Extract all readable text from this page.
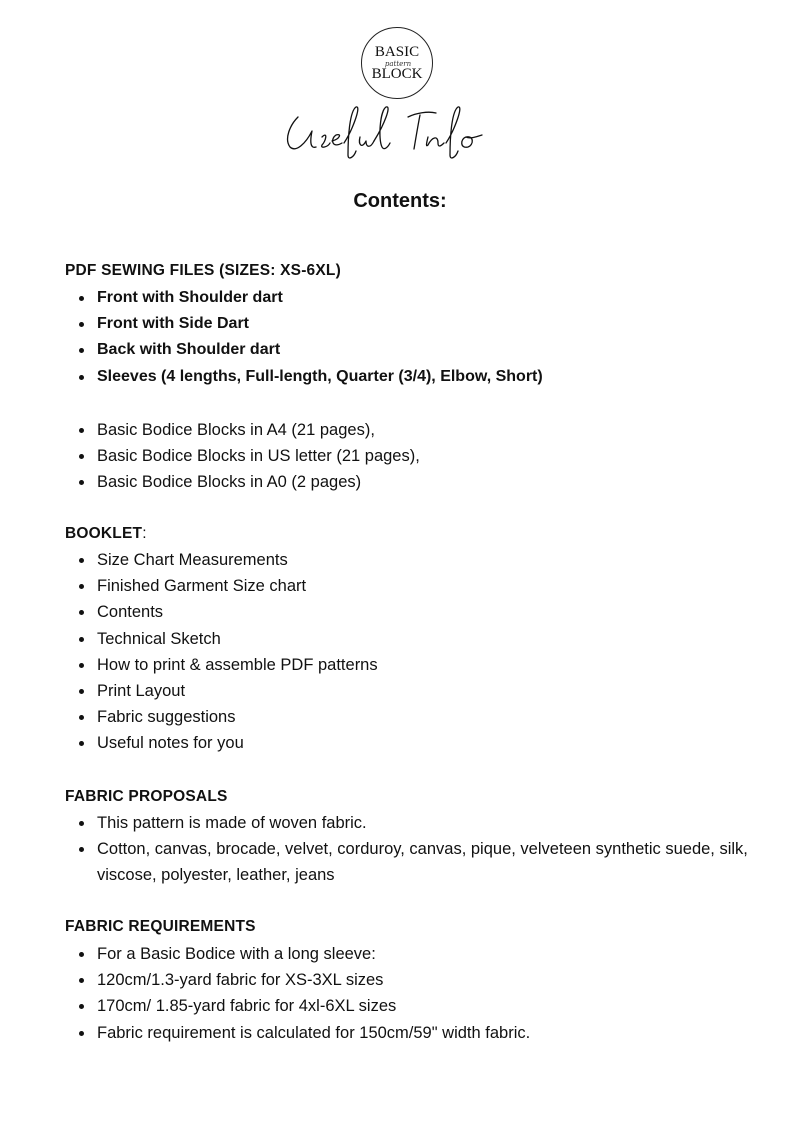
BASIC
pattern
BLOCK
Contents:
PDF SEWING FILES (SIZES: XS-6XL)
Front with Shoulder dart
Front with Side Dart
Back with Shoulder dart
Sleeves (4 lengths, Full-length, Quarter (3/4), Elbow, Short)
Basic Bodice Blocks in A4 (21 pages),
Basic Bodice Blocks in US letter (21 pages),
Basic Bodice Blocks in A0 (2 pages)
BOOKLET:
Size Chart Measurements
Finished Garment Size chart
Contents
Technical Sketch
How to print & assemble PDF patterns
Print Layout
Fabric suggestions
Useful notes for you
FABRIC PROPOSALS
This pattern is made of woven fabric.
Cotton, canvas, brocade, velvet, corduroy, canvas, pique, velveteen synthetic suede, silk, viscose, polyester, leather, jeans
FABRIC REQUIREMENTS
For a Basic Bodice with a long sleeve:
120cm/1.3-yard fabric for XS-3XL sizes
170cm/ 1.85-yard fabric for 4xl-6XL sizes
Fabric requirement is calculated for 150cm/59" width fabric.
